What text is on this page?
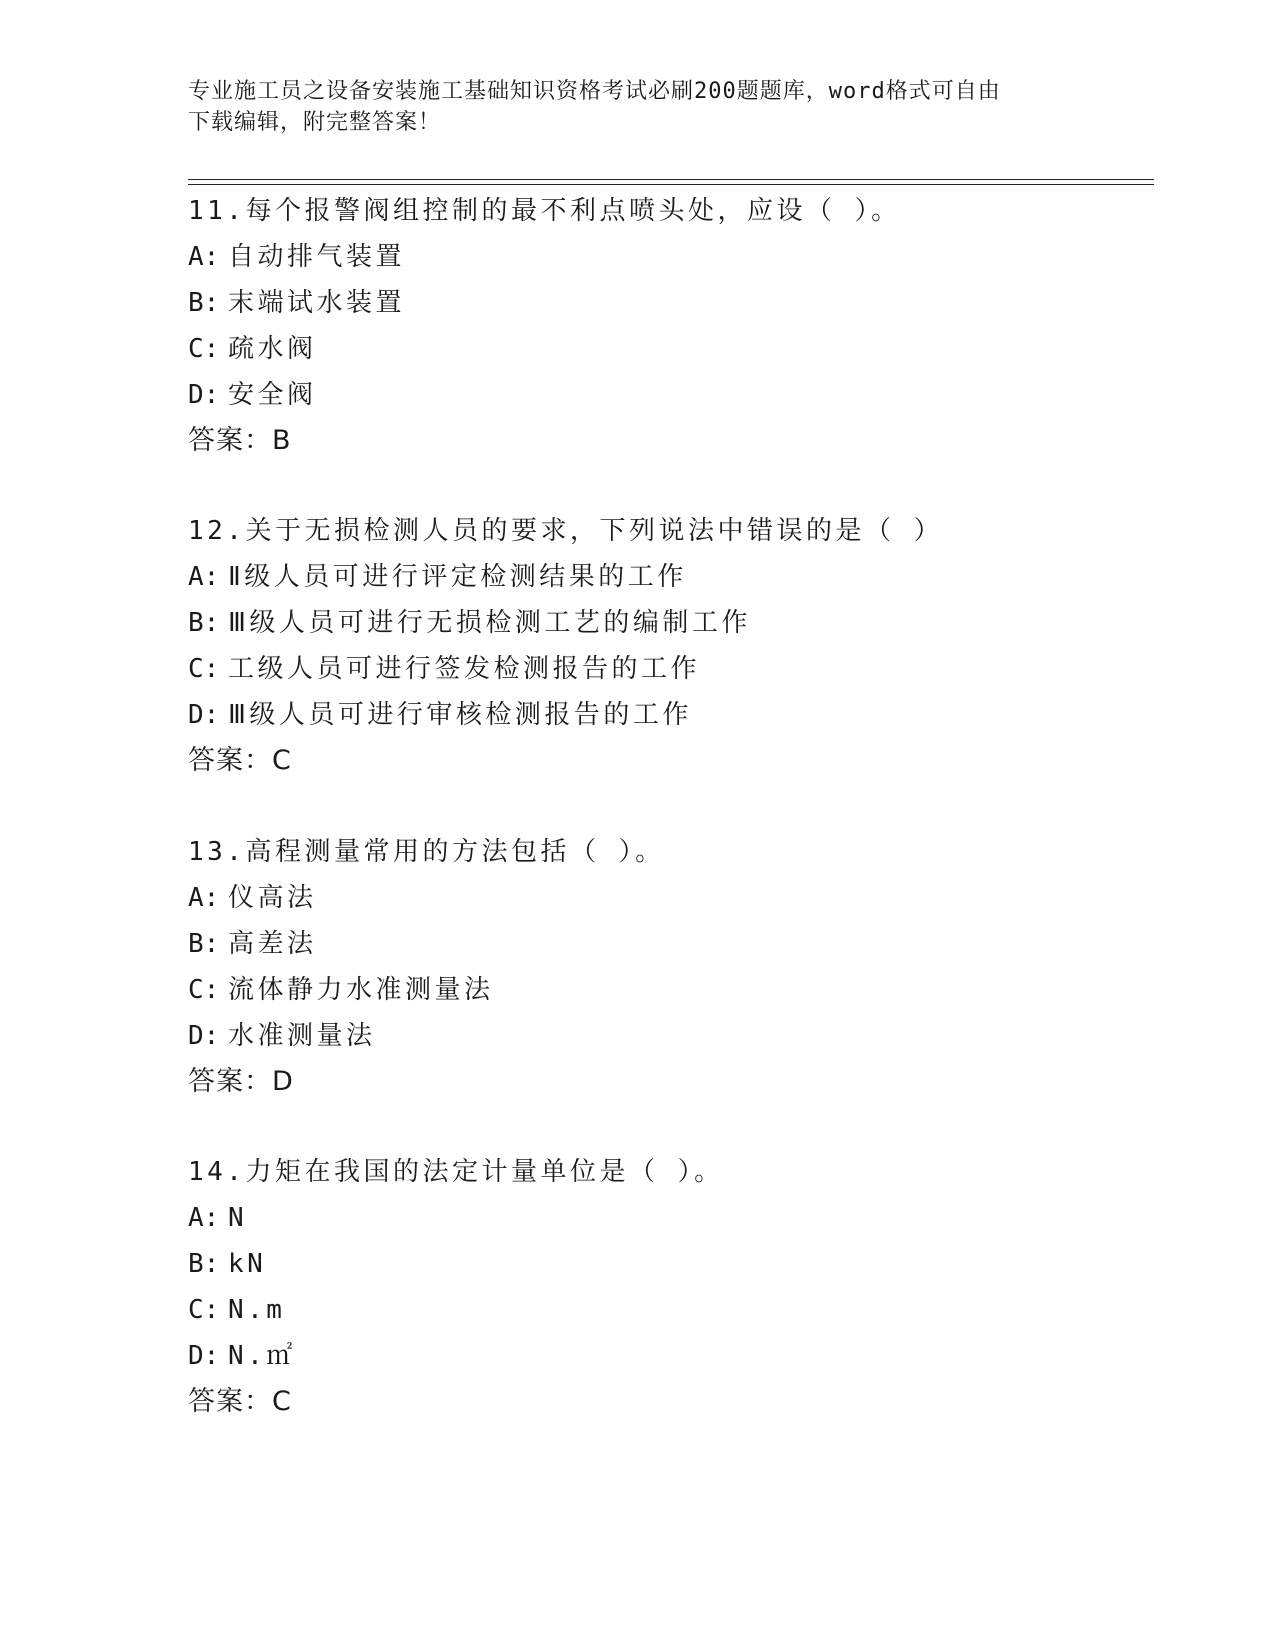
专业施工员之设备安装施工基础知识资格考试必刷200题题库，word格式可自由
下载编辑，附完整答案！
11.每个报警阀组控制的最不利点喷头处，应设（ ）。
A: 自动排气装置
B: 末端试水装置
C: 疏水阀
D: 安全阀
答案：B
12.关于无损检测人员的要求，下列说法中错误的是（ ）
A: Ⅱ级人员可进行评定检测结果的工作
B: Ⅲ级人员可进行无损检测工艺的编制工作
C: 工级人员可进行签发检测报告的工作
D: Ⅲ级人员可进行审核检测报告的工作
答案：C
13.高程测量常用的方法包括（ ）。
A: 仪高法
B: 高差法
C: 流体静力水准测量法
D: 水准测量法
答案：D
14.力矩在我国的法定计量单位是（ ）。
A: N
B: kN
C: N.m
D: N.㎡
答案：C
